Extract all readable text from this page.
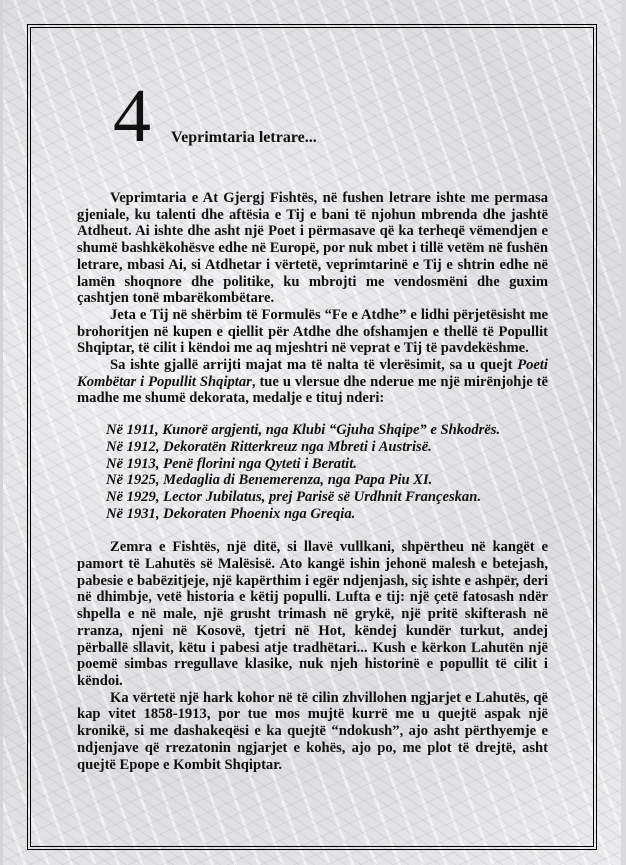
4 Veprimtaria letrare...

Veprimtaria e At Gjergj Fishtës, në fushen letrare ishte me permasa gjeniale, ku talenti dhe aftësia e Tij e bani të njohun mbrenda dhe jashtë Atdheut. Ai ishte dhe asht një Poet i përmasave që ka terheqë vëmendjen e shumë bashkëkohësve edhe në Europë, por nuk mbet i tillë vetëm në fushën letrare, mbasi Ai, si Atdhetar i vërtetë, veprimtarinë e Tij e shtrin edhe në lamën shoqnore dhe politike, ku mbrojti me vendosmëni dhe guxim çashtjen tonë mbarëkombëtare.

Jeta e Tij në shërbim të Formulës “Fe e Atdhe” e lidhi përjetësisht me brohoritjen në kupen e qiellit për Atdhe dhe ofshamjen e thellë të Popullit Shqiptar, të cilit i këndoi me aq mjeshtri në veprat e Tij të pavdekëshme.

Sa ishte gjallë arrijti majat ma të nalta të vlerësimit, sa u quejt Poeti Kombëtar i Popullit Shqiptar, tue u vlersue dhe nderue me një mirënjohje të madhe me shumë dekorata, medalje e tituj nderi:

Në 1911, Kunorë argjenti, nga Klubi “Gjuha Shqipe” e Shkodrës.
Në 1912, Dekoratën Ritterkreuz nga Mbreti i Austrisë.
Në 1913, Penë florini nga Qyteti i Beratit.
Në 1925, Medaglia di Benemerenza, nga Papa Piu XI.
Në 1929, Lector Jubilatus, prej Parisë së Urdhnit Françeskan.
Në 1931, Dekoraten Phoenix nga Greqia.

Zemra e Fishtës, një ditë, si llavë vullkani, shpërtheu në kangët e pamort të Lahutës së Malësisë. Ato kangë ishin jehonë malesh e betejash, pabesie e babëzitjeje, një kapërthim i egër ndjenjash, siç ishte e ashpër, deri në dhimbje, vetë historia e këtij populli. Lufta e tij: një çetë fatosash ndër shpella e në male, një grusht trimash në grykë, një pritë skifterash në rranza, njeni në Kosovë, tjetri në Hot, këndej kundër turkut, andej përballë sllavit, këtu i pabesi atje tradhëtari... Kush e kërkon Lahutën një poemë simbas rregullave klasike, nuk njeh historinë e popullit të cilit i këndoi.

Ka vërtetë një hark kohor në të cilin zhvillohen ngjarjet e Lahutës, që kap vitet 1858-1913, por tue mos mujtë kurrë me u quejtë aspak një kronikë, si me dashakeqësi e ka quejtë “ndokush”, ajo asht përthyemje e ndjenjave që rrezatonin ngjarjet e kohës, ajo po, me plot të drejtë, asht quejtë Epope e Kombit Shqiptar.
